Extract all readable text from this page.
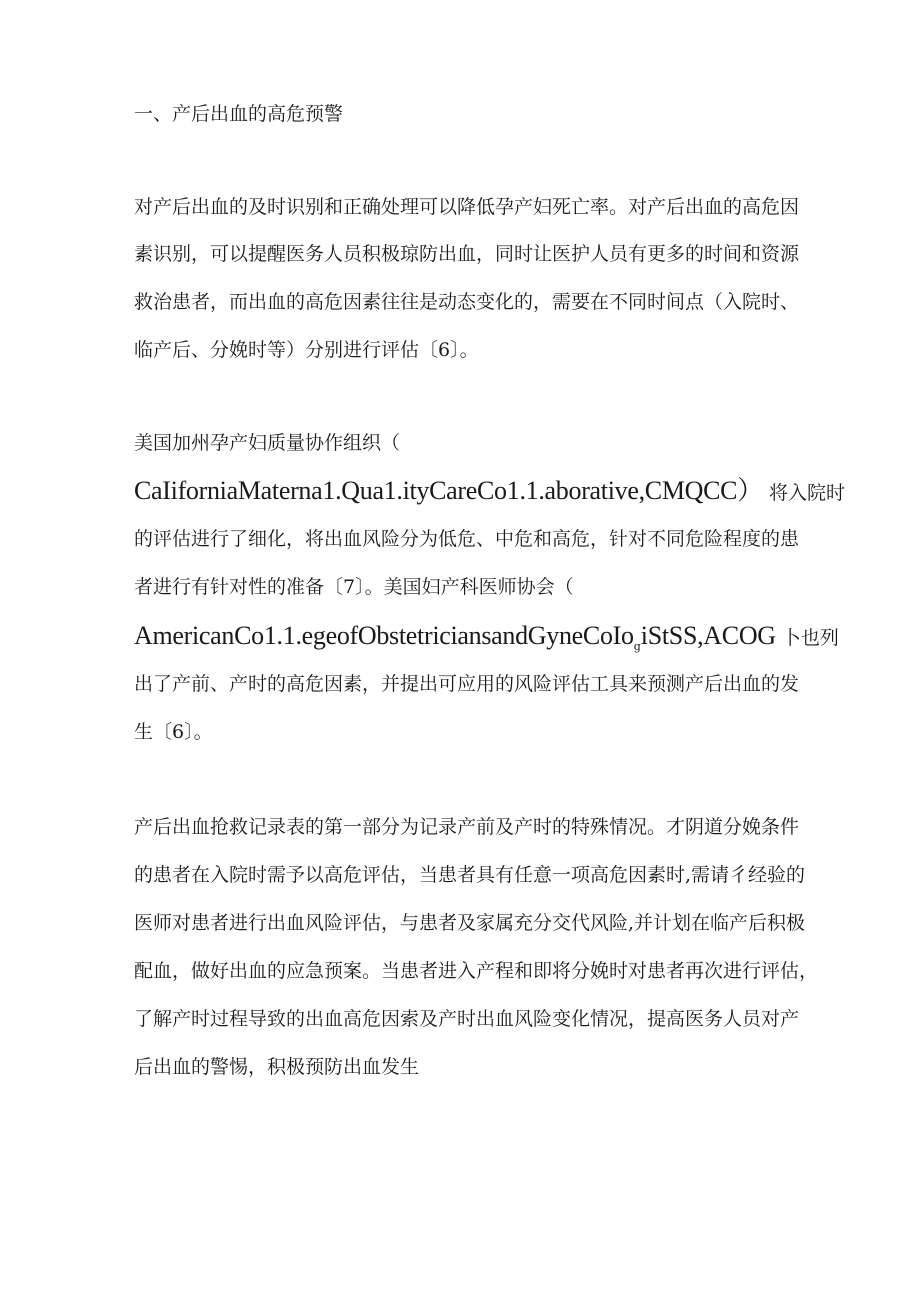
一、产后出血的高危预警
对产后出血的及时识别和正确处理可以降低孕产妇死亡率。对产后出血的高危因
素识别，可以提醒医务人员积极琼防出血，同时让医护人员有更多的时间和资源
救治患者，而出血的高危因素往往是动态变化的，需要在不同时间点（入院时、
临产后、分娩时等）分别进行评估〔6〕。
美国加州孕产妇质量协作组织（
CaIiforniaMaterna1.Qua1.ityCareCo1.1.aborative,CMQCC） 将入院时
的评估进行了细化，将出血风险分为低危、中危和高危，针对不同危险程度的患
者进行有针对性的准备〔7〕。美国妇产科医师协会（
AmericanCo1.1.egeofObstetriciansandGyneCoIo$_g$iStSS,ACOG 卜也列
出了产前、产时的高危因素，并提出可应用的风险评估工具来预测产后出血的发
生〔6〕。
产后出血抢救记录表的第一部分为记录产前及产时的特殊情况。才阴道分娩条件
的患者在入院时需予以高危评估，当患者具有任意一项高危因素时,需请彳经验的
医师对患者进行出血风险评估，与患者及家属充分交代风险,并计划在临产后积极
配血，做好出血的应急预案。当患者进入产程和即将分娩时对患者再次进行评估，
了解产时过程导致的出血高危因索及产时出血风险变化情况，提高医务人员对产
后出血的警惕，积极预防出血发生
